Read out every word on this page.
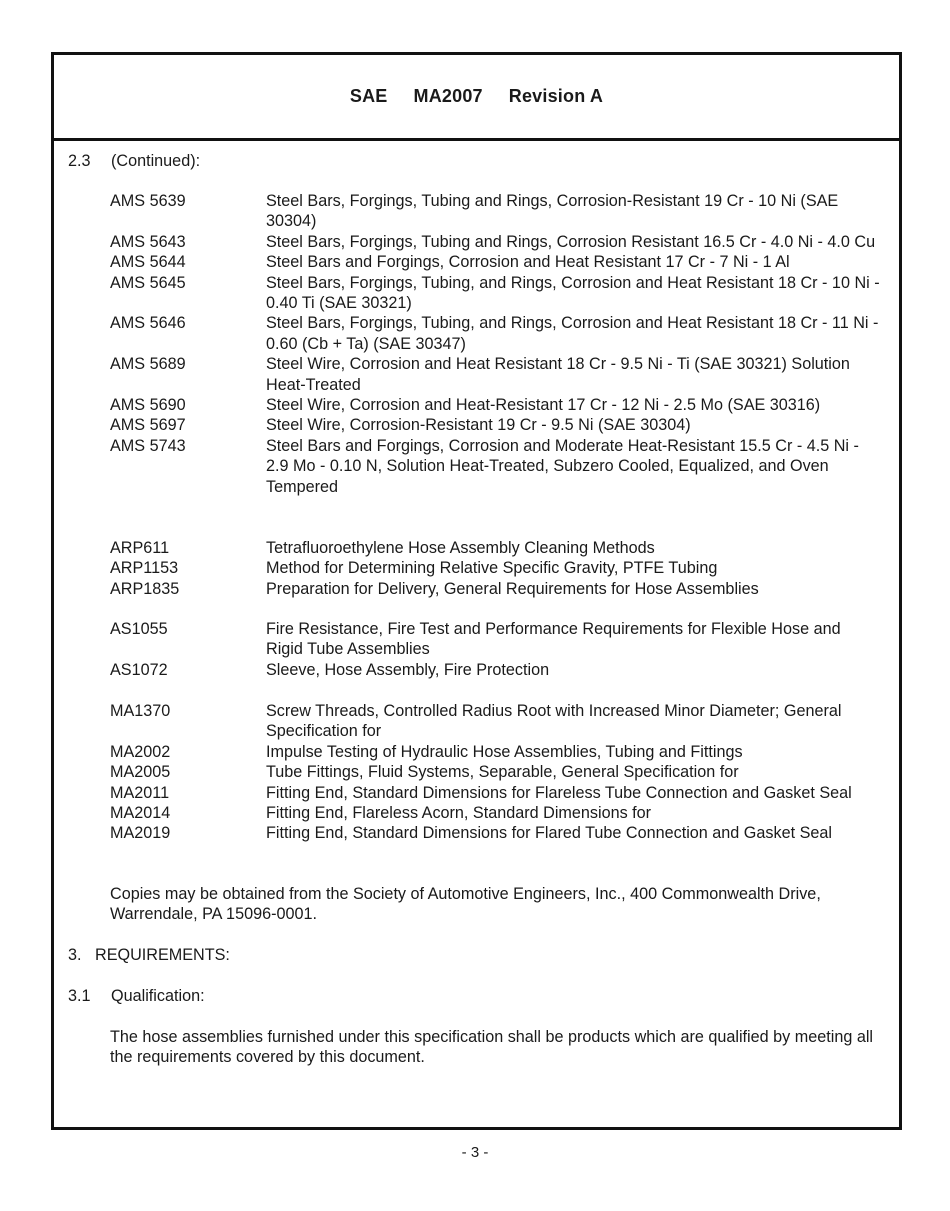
SAE
MA2007
Revision A
2.3 (Continued):
AMS 5639	Steel Bars, Forgings, Tubing and Rings, Corrosion-Resistant 19 Cr - 10 Ni (SAE 30304)
AMS 5643	Steel Bars, Forgings, Tubing and Rings, Corrosion Resistant 16.5 Cr - 4.0 Ni - 4.0 Cu
AMS 5644	Steel Bars and Forgings, Corrosion and Heat Resistant 17 Cr - 7 Ni - 1 Al
AMS 5645	Steel Bars, Forgings, Tubing, and Rings, Corrosion and Heat Resistant 18 Cr - 10 Ni - 0.40 Ti (SAE 30321)
AMS 5646	Steel Bars, Forgings, Tubing, and Rings, Corrosion and Heat Resistant 18 Cr - 11 Ni - 0.60 (Cb + Ta) (SAE 30347)
AMS 5689	Steel Wire, Corrosion and Heat Resistant 18 Cr - 9.5 Ni - Ti (SAE 30321) Solution Heat-Treated
AMS 5690	Steel Wire, Corrosion and Heat-Resistant 17 Cr - 12 Ni - 2.5 Mo (SAE 30316)
AMS 5697	Steel Wire, Corrosion-Resistant 19 Cr - 9.5 Ni (SAE 30304)
AMS 5743	Steel Bars and Forgings, Corrosion and Moderate Heat-Resistant 15.5 Cr - 4.5 Ni - 2.9 Mo - 0.10 N, Solution Heat-Treated, Subzero Cooled, Equalized, and Oven Tempered
ARP611	Tetrafluoroethylene Hose Assembly Cleaning Methods
ARP1153	Method for Determining Relative Specific Gravity, PTFE Tubing
ARP1835	Preparation for Delivery, General Requirements for Hose Assemblies
AS1055	Fire Resistance, Fire Test and Performance Requirements for Flexible Hose and Rigid Tube Assemblies
AS1072	Sleeve, Hose Assembly, Fire Protection
MA1370	Screw Threads, Controlled Radius Root with Increased Minor Diameter; General Specification for
MA2002	Impulse Testing of Hydraulic Hose Assemblies, Tubing and Fittings
MA2005	Tube Fittings, Fluid Systems, Separable, General Specification for
MA2011	Fitting End, Standard Dimensions for Flareless Tube Connection and Gasket Seal
MA2014	Fitting End, Flareless Acorn, Standard Dimensions for
MA2019	Fitting End, Standard Dimensions for Flared Tube Connection and Gasket Seal
Copies may be obtained from the Society of Automotive Engineers, Inc., 400 Commonwealth Drive, Warrendale, PA 15096-0001.
3. REQUIREMENTS:
3.1 Qualification:
The hose assemblies furnished under this specification shall be products which are qualified by meeting all the requirements covered by this document.
- 3 -
